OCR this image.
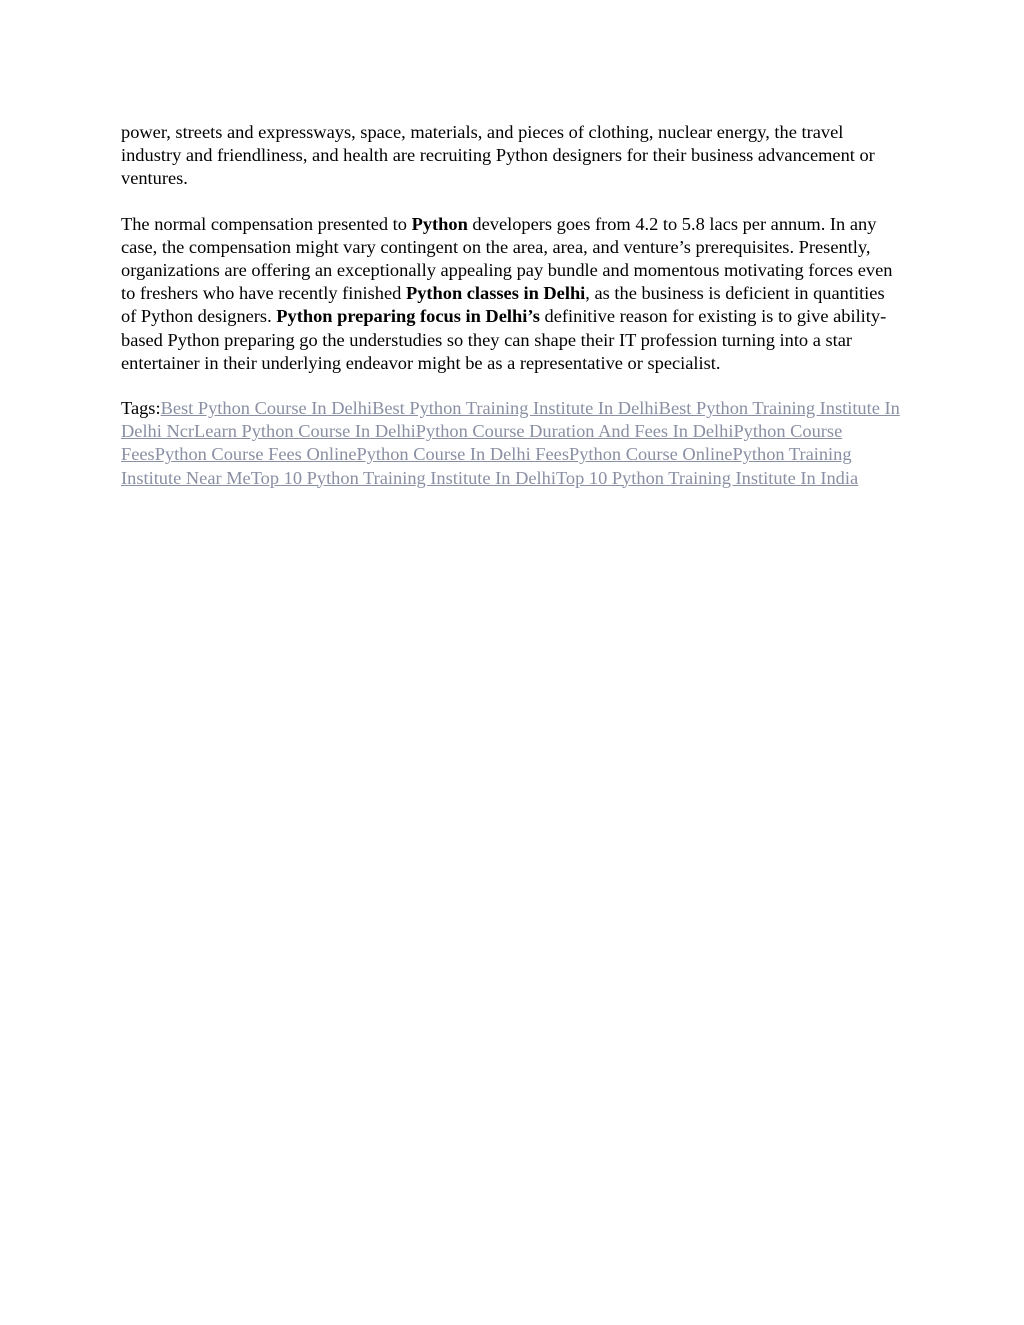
power, streets and expressways, space, materials, and pieces of clothing, nuclear energy, the travel industry and friendliness, and health are recruiting Python designers for their business advancement or ventures.

The normal compensation presented to Python developers goes from 4.2 to 5.8 lacs per annum. In any case, the compensation might vary contingent on the area, area, and venture’s prerequisites. Presently, organizations are offering an exceptionally appealing pay bundle and momentous motivating forces even to freshers who have recently finished Python classes in Delhi, as the business is deficient in quantities of Python designers. Python preparing focus in Delhi’s definitive reason for existing is to give ability-based Python preparing go the understudies so they can shape their IT profession turning into a star entertainer in their underlying endeavor might be as a representative or specialist.

Tags:Best Python Course In DelhiBest Python Training Institute In DelhiBest Python Training Institute In Delhi NcrLearn Python Course In DelhiPython Course Duration And Fees In DelhiPython Course FeesPython Course Fees OnlinePython Course In Delhi FeesPython Course OnlinePython Training Institute Near MeTop 10 Python Training Institute In DelhiTop 10 Python Training Institute In India
